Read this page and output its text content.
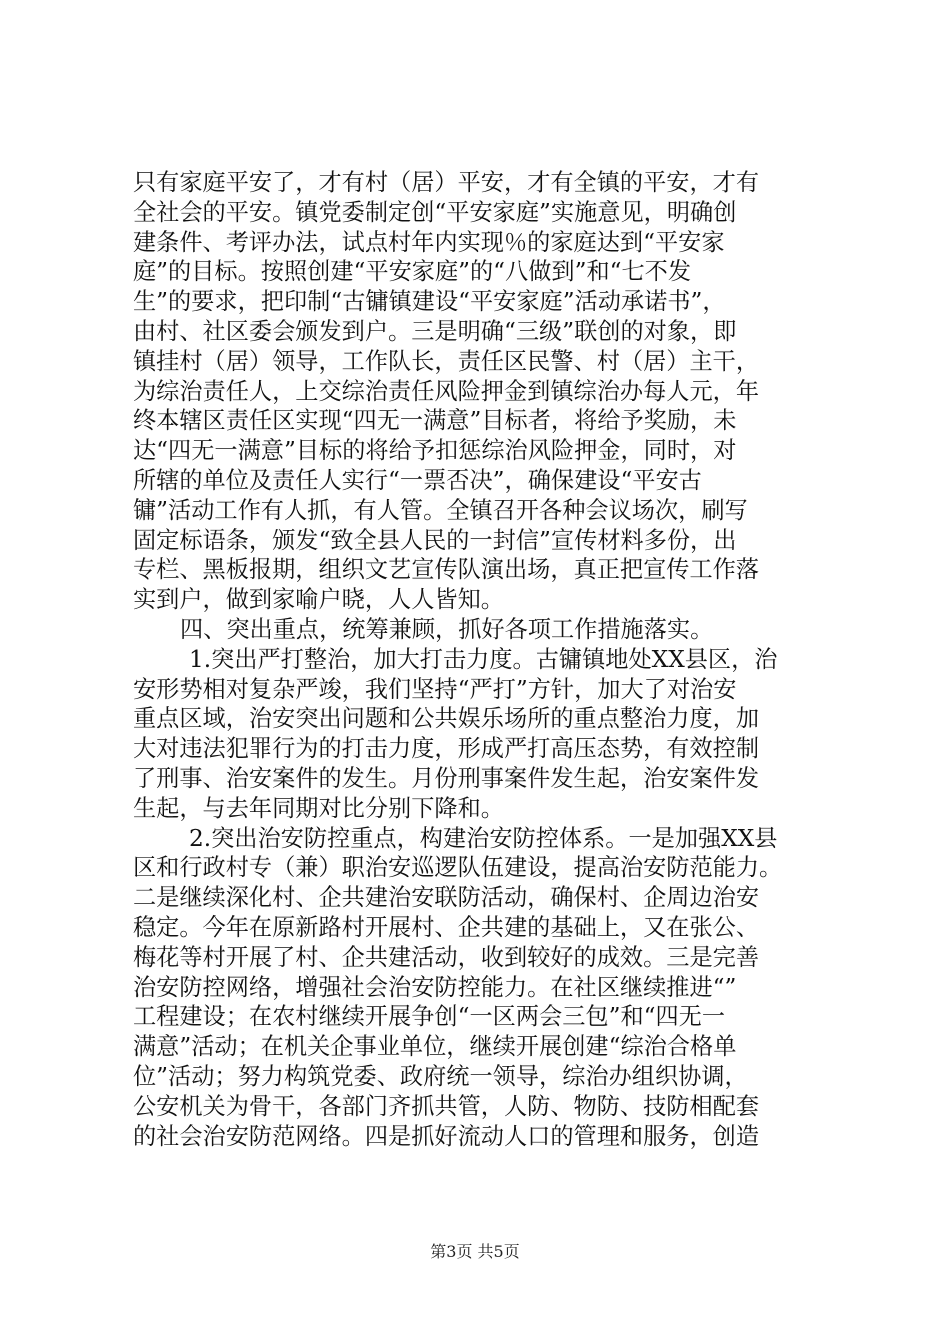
只有家庭平安了，才有村（居）平安，才有全镇的平安，才有
全社会的平安。镇党委制定创“平安家庭”实施意见，明确创
建条件、考评办法，试点村年内实现％的家庭达到“平安家
庭”的目标。按照创建“平安家庭”的“八做到”和“七不发
生”的要求，把印制“古镛镇建设“平安家庭”活动承诺书”，
由村、社区委会颁发到户。三是明确“三级”联创的对象，即
镇挂村（居）领导，工作队长，责任区民警、村（居）主干，
为综治责任人，上交综治责任风险押金到镇综治办每人元，年
终本辖区责任区实现“四无一满意”目标者，将给予奖励，未
达“四无一满意”目标的将给予扣惩综治风险押金，同时，对
所辖的单位及责任人实行“一票否决”，确保建设“平安古
镛”活动工作有人抓，有人管。全镇召开各种会议场次，刷写
固定标语条，颁发“致全县人民的一封信”宣传材料多份，出
专栏、黑板报期，组织文艺宣传队演出场，真正把宣传工作落
实到户，做到家喻户晓，人人皆知。
四、突出重点，统筹兼顾，抓好各项工作措施落实。
1.突出严打整治，加大打击力度。古镛镇地处XX县区，治
安形势相对复杂严竣，我们坚持“严打”方针，加大了对治安
重点区域，治安突出问题和公共娱乐场所的重点整治力度，加
大对违法犯罪行为的打击力度，形成严打高压态势，有效控制
了刑事、治安案件的发生。月份刑事案件发生起，治安案件发
生起，与去年同期对比分别下降和。
2.突出治安防控重点，构建治安防控体系。一是加强XX县
区和行政村专（兼）职治安巡逻队伍建设，提高治安防范能力。
二是继续深化村、企共建治安联防活动，确保村、企周边治安
稳定。今年在原新路村开展村、企共建的基础上，又在张公、
梅花等村开展了村、企共建活动，收到较好的成效。三是完善
治安防控网络，增强社会治安防控能力。在社区继续推进“”
工程建设；在农村继续开展争创“一区两会三包”和“四无一
满意”活动；在机关企事业单位，继续开展创建“综治合格单
位”活动；努力构筑党委、政府统一领导，综治办组织协调，
公安机关为骨干，各部门齐抓共管，人防、物防、技防相配套
的社会治安防范网络。四是抓好流动人口的管理和服务，创造
第3页 共5页
